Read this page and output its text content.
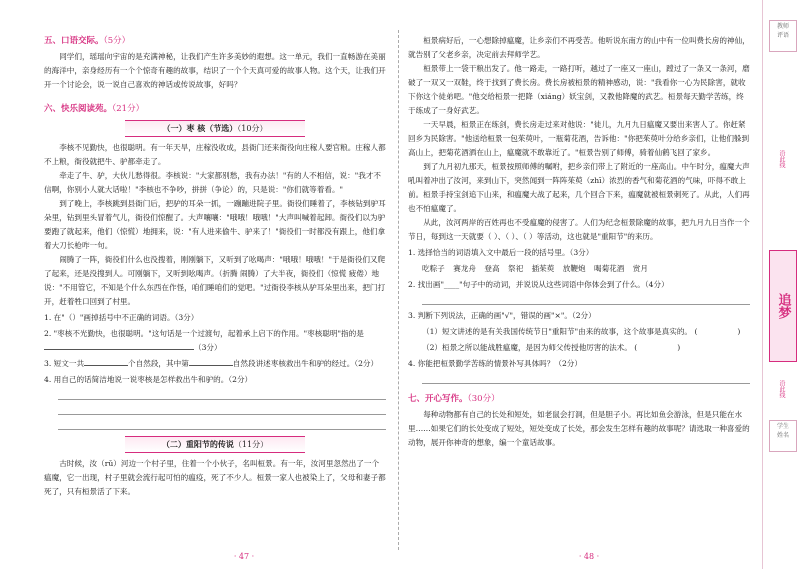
五、口语交际。（5分）

同学们，瑶瑶向宇宙的是充满神秘，让我们产生许多美妙的遐想。这一单元，我们一直畅游在美丽的海洋中，亲身经历有一个个惊奇有趣的故事，结识了一个个天真可爱的故事人物。这个天，让我们开开一个讨论会，说一说自己喜欢的神话或传说故事，好吗？

六、快乐阅读苑。（21分）
（一）枣 核（节选）（10分）

李核不见勤快，也很聪明。有一年天旱，庄稼没收成，县衙门还来衙役向庄稼人要官粮。庄稼人都不上粮，衙役就把牛、驴都牵走了。

牵走了牛、驴，大伙儿愁得很。李核说："大家都别愁，我有办法！"有的人不相信，说："我才不信啊，你别小人就大话啦！"李核也不争吵，拼拼（争论）的，只是说："你们就等着看。"

到了晚上，李核跳到县衙门后，把驴的耳朵一抓，一蹦蹦进院子里。衙役们睡着了，李核钻到驴耳朵里，钻到里头冒着气儿，衙役们惊醒了。大声嚷嚷："哦哦！哦哦！"大声叫喊着起卸。衙役们以为驴要跑了就起来，他们（惊慌）地拥来，说："有人进来偷牛、驴来了！"衙役们一时都没有跟上，他们拿着大刀长枪咋一句。

闹腾了一阵，衙役们什么也没搜着，刚刚躺下，又听到了吆喝声："哦哦！哦哦！"于是衙役们又爬了起来，还是没搜到人。可刚躺下，又听到吆喝声。（折腾 闹腾）了大半夜，衙役们（惊慌 疲倦）地说："不用管它，不知是个什么东西在作怪，咱们睡咱们的觉吧。"过衙役李核从驴耳朵里出来，把门打开，赶着牲口回到了村里。

1. 在"（）"画掉括号中不正确的词语。（3分）
2. "枣核不光勤快，也很聪明。"这句话是一个过渡句，起着承上启下的作用。"枣核聪明"指的是 （3分）
3. 短文一共	个自然段，其中第	自然段讲述枣核救出牛和驴的经过。（2分）
4. 用自己的话简洁地说一说枣核是怎样救出牛和驴的。（2分）
（二）重阳节的传说（11分）

古时候，汝（rǔ）河边一个村子里，住着一个小伙子，名叫桓景。有一年，汝河里忽然出了一个瘟魔，它一出现，村子里就会流行起可怕的瘟疫，死了不少人。桓景一家人也被染上了，父母和妻子都死了，只有桓景活了下来。

· 47 ·

桓景病好后，一心想除掉瘟魔，让乡亲们不再受苦。他听说东南方的山中有一位叫费长房的神仙，就告别了父老乡亲，决定前去拜师学艺。

桓景带上一袋干粮出发了。他一路走，一路打听，越过了一座又一座山，蹚过了一条又一条河，磨破了一双又一双鞋，终于找到了费长房。费长房被桓景的精神感动，说："我看你一心为民除害，就收下你这个徒弟吧。"他交给桓景一把降（xiáng）妖宝剑，又教他降魔的武艺。桓景每天勤学苦练，终于练成了一身好武艺。

一天早晨，桓景正在练剑，费长房走过来对他说："徒儿，九月九日瘟魔又要出来害人了。你赶紧回乡为民除害。"他送给桓景一包茱萸叶，一瓶菊花酒，告诉他："你把茱萸叶分给乡亲们，让他们躲到高山上，把菊花酒洒在山上，瘟魔就不敢靠近了。"桓景告别了师傅，骑着仙鹤飞回了家乡。

到了九月初九那天，桓景按照师傅的嘱咐，把乡亲们带上了附近的一座高山。中午时分，瘟魔大声吼叫着冲出了汝河，来到山下，突然闻到一阵阵茱萸（zhī）浓烈的香气和菊花酒的气味，吓得不敢上前。桓景手持宝剑追下山来，和瘟魔大战了起来，几个回合下来，瘟魔就被桓景刺死了。从此，人们再也不怕瘟魔了。

从此，汝河两岸的百姓再也不受瘟魔的侵害了。人们为纪念桓景除魔的故事，把九月九日当作一个节日，每到这一天就要（ ）、（ ）、（ ）等活动，这也就是"重阳节"的来历。

1. 选择恰当的词语填入文中最后一段的括号里。（3分）
吃粽子 赛龙舟 登高 祭祀 插茱萸 放鞭炮 喝菊花酒 赏月
2. 找出画"____"句子中的动词，并说说从这些词语中你体会到了什么。（4分）
3. 判断下列说法，正确的画"√"，错误的画"×"。（2分）
（1）短文讲述的是有关我国传统节日"重阳节"由来的故事，这个故事是真实的。 (	)
（2）桓景之所以能战胜瘟魔，是因为师父传授他厉害的法术。 (	)
4. 你能把桓景勤学苦练的情景补写具体吗？（2分）
七、开心写作。（30分）

每种动物都有自己的长处和短处，如老鼠会打洞，但是胆子小。再比如鱼会游泳，但是只能在水里……如果它们的长处变成了短处，短处变成了长处，那会发生怎样有趣的故事呢？请选取一种喜爱的动物，展开你神奇的想象，编一个童话故事。

· 48 ·
教师
评语
沿此线
追梦
沿此线
学生
姓名
